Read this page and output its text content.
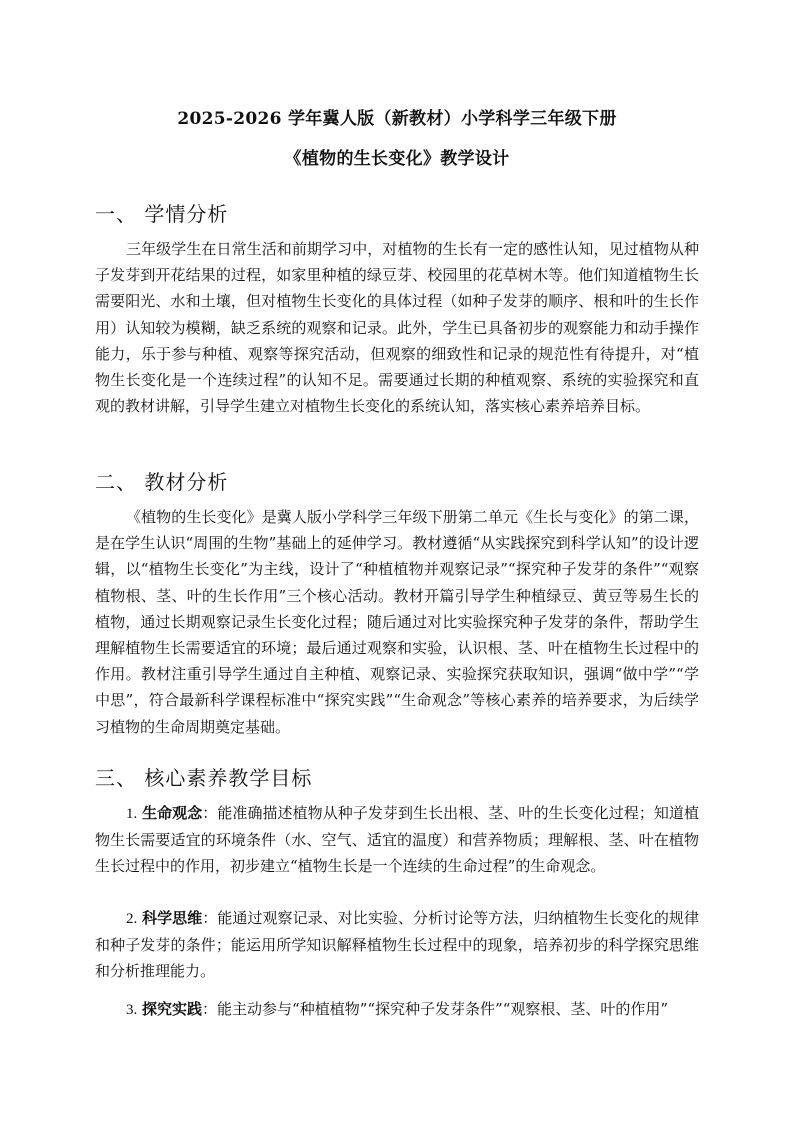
2025-2026 学年冀人版（新教材）小学科学三年级下册
《植物的生长变化》教学设计
一、 学情分析

三年级学生在日常生活和前期学习中，对植物的生长有一定的感性认知，见过植物从种子发芽到开花结果的过程，如家里种植的绿豆芽、校园里的花草树木等。他们知道植物生长需要阳光、水和土壤，但对植物生长变化的具体过程（如种子发芽的顺序、根和叶的生长作用）认知较为模糊，缺乏系统的观察和记录。此外，学生已具备初步的观察能力和动手操作能力，乐于参与种植、观察等探究活动，但观察的细致性和记录的规范性有待提升，对“植物生长变化是一个连续过程”的认知不足。需要通过长期的种植观察、系统的实验探究和直观的教材讲解，引导学生建立对植物生长变化的系统认知，落实核心素养培养目标。

二、 教材分析

《植物的生长变化》是冀人版小学科学三年级下册第二单元《生长与变化》的第二课，是在学生认识“周围的生物”基础上的延伸学习。教材遵循“从实践探究到科学认知”的设计逻辑，以“植物生长变化”为主线，设计了“种植植物并观察记录”“探究种子发芽的条件”“观察植物根、茎、叶的生长作用”三个核心活动。教材开篇引导学生种植绿豆、黄豆等易生长的植物，通过长期观察记录生长变化过程；随后通过对比实验探究种子发芽的条件，帮助学生理解植物生长需要适宜的环境；最后通过观察和实验，认识根、茎、叶在植物生长过程中的作用。教材注重引导学生通过自主种植、观察记录、实验探究获取知识，强调“做中学”“学中思”，符合最新科学课程标准中“探究实践”“生命观念”等核心素养的培养要求，为后续学习植物的生命周期奠定基础。

三、 核心素养教学目标

1. 生命观念：能准确描述植物从种子发芽到生长出根、茎、叶的生长变化过程；知道植物生长需要适宜的环境条件（水、空气、适宜的温度）和营养物质；理解根、茎、叶在植物生长过程中的作用，初步建立“植物生长是一个连续的生命过程”的生命观念。

2. 科学思维：能通过观察记录、对比实验、分析讨论等方法，归纳植物生长变化的规律和种子发芽的条件；能运用所学知识解释植物生长过程中的现象，培养初步的科学探究思维和分析推理能力。

3. 探究实践：能主动参与“种植植物”“探究种子发芽条件”“观察根、茎、叶的作用”
